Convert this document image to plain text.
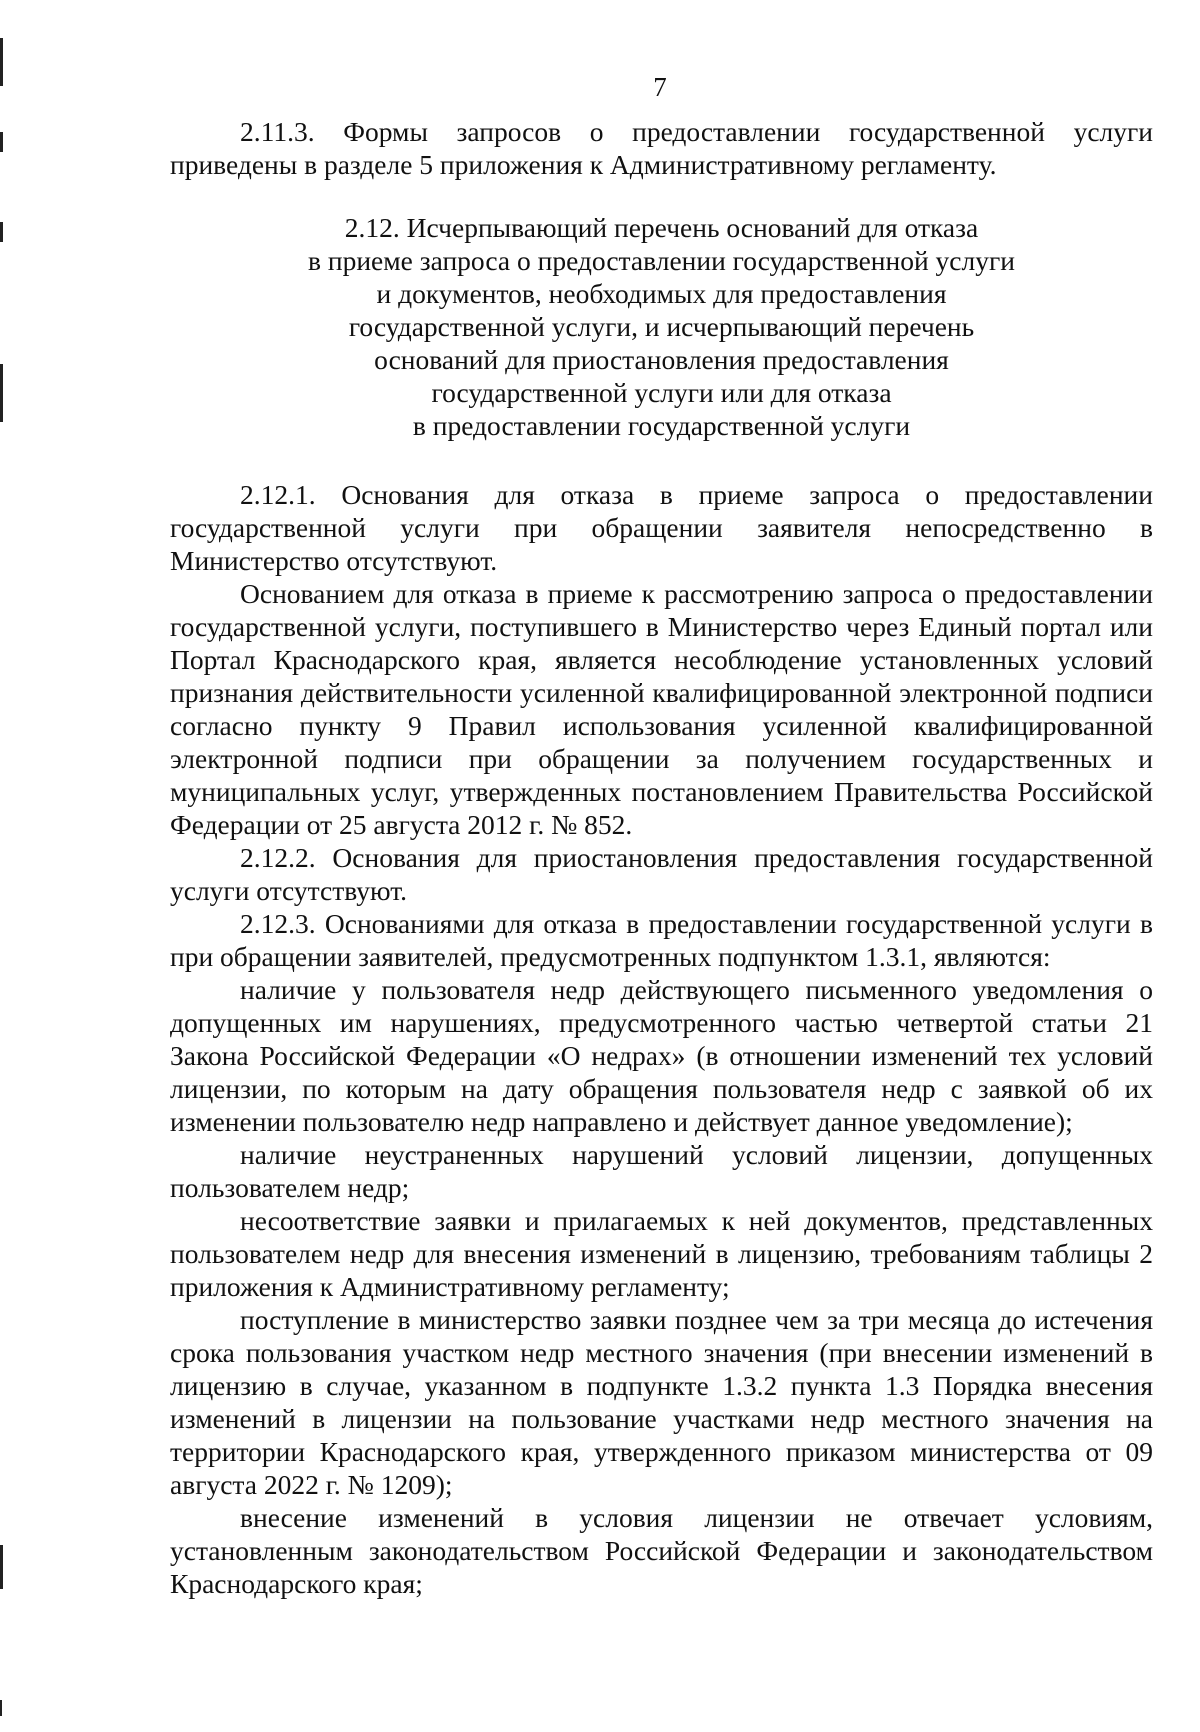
7

2.11.3. Формы запросов о предоставлении государственной услуги приведены в разделе 5 приложения к Административному регламенту.

2.12. Исчерпывающий перечень оснований для отказа
в приеме запроса о предоставлении государственной услуги
и документов, необходимых для предоставления
государственной услуги, и исчерпывающий перечень
оснований для приостановления предоставления
государственной услуги или для отказа
в предоставлении государственной услуги

2.12.1. Основания для отказа в приеме запроса о предоставлении государственной услуги при обращении заявителя непосредственно в Министерство отсутствуют.

Основанием для отказа в приеме к рассмотрению запроса о предоставлении государственной услуги, поступившего в Министерство через Единый портал или Портал Краснодарского края, является несоблюдение установленных условий признания действительности усиленной квалифицированной электронной подписи согласно пункту 9 Правил использования усиленной квалифицированной электронной подписи при обращении за получением государственных и муниципальных услуг, утвержденных постановлением Правительства Российской Федерации от 25 августа 2012 г. № 852.

2.12.2. Основания для приостановления предоставления государственной услуги отсутствуют.

2.12.3. Основаниями для отказа в предоставлении государственной услуги в при обращении заявителей, предусмотренных подпунктом 1.3.1, являются:

наличие у пользователя недр действующего письменного уведомления о допущенных им нарушениях, предусмотренного частью четвертой статьи 21 Закона Российской Федерации «О недрах» (в отношении изменений тех условий лицензии, по которым на дату обращения пользователя недр с заявкой об их изменении пользователю недр направлено и действует данное уведомление);

наличие неустраненных нарушений условий лицензии, допущенных пользователем недр;

несоответствие заявки и прилагаемых к ней документов, представленных пользователем недр для внесения изменений в лицензию, требованиям таблицы 2 приложения к Административному регламенту;

поступление в министерство заявки позднее чем за три месяца до истечения срока пользования участком недр местного значения (при внесении изменений в лицензию в случае, указанном в подпункте 1.3.2 пункта 1.3 Порядка внесения изменений в лицензии на пользование участками недр местного значения на территории Краснодарского края, утвержденного приказом министерства от 09 августа 2022 г. № 1209);

внесение изменений в условия лицензии не отвечает условиям, установленным законодательством Российской Федерации и законодательством Краснодарского края;
